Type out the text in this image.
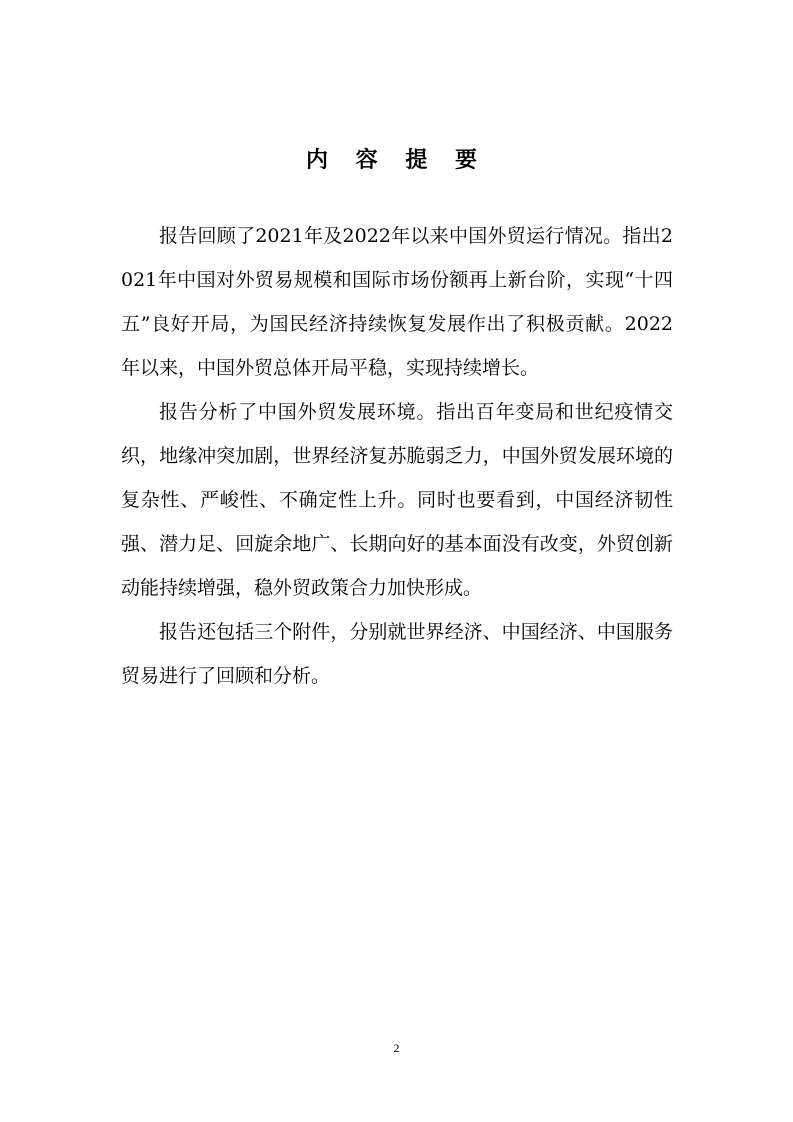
内 容 提 要

报告回顾了2021年及2022年以来中国外贸运行情况。指出2021年中国对外贸易规模和国际市场份额再上新台阶，实现“十四五”良好开局，为国民经济持续恢复发展作出了积极贡献。2022年以来，中国外贸总体开局平稳，实现持续增长。

报告分析了中国外贸发展环境。指出百年变局和世纪疫情交织，地缘冲突加剧，世界经济复苏脆弱乏力，中国外贸发展环境的复杂性、严峻性、不确定性上升。同时也要看到，中国经济韧性强、潜力足、回旋余地广、长期向好的基本面没有改变，外贸创新动能持续增强，稳外贸政策合力加快形成。

报告还包括三个附件，分别就世界经济、中国经济、中国服务贸易进行了回顾和分析。

2
